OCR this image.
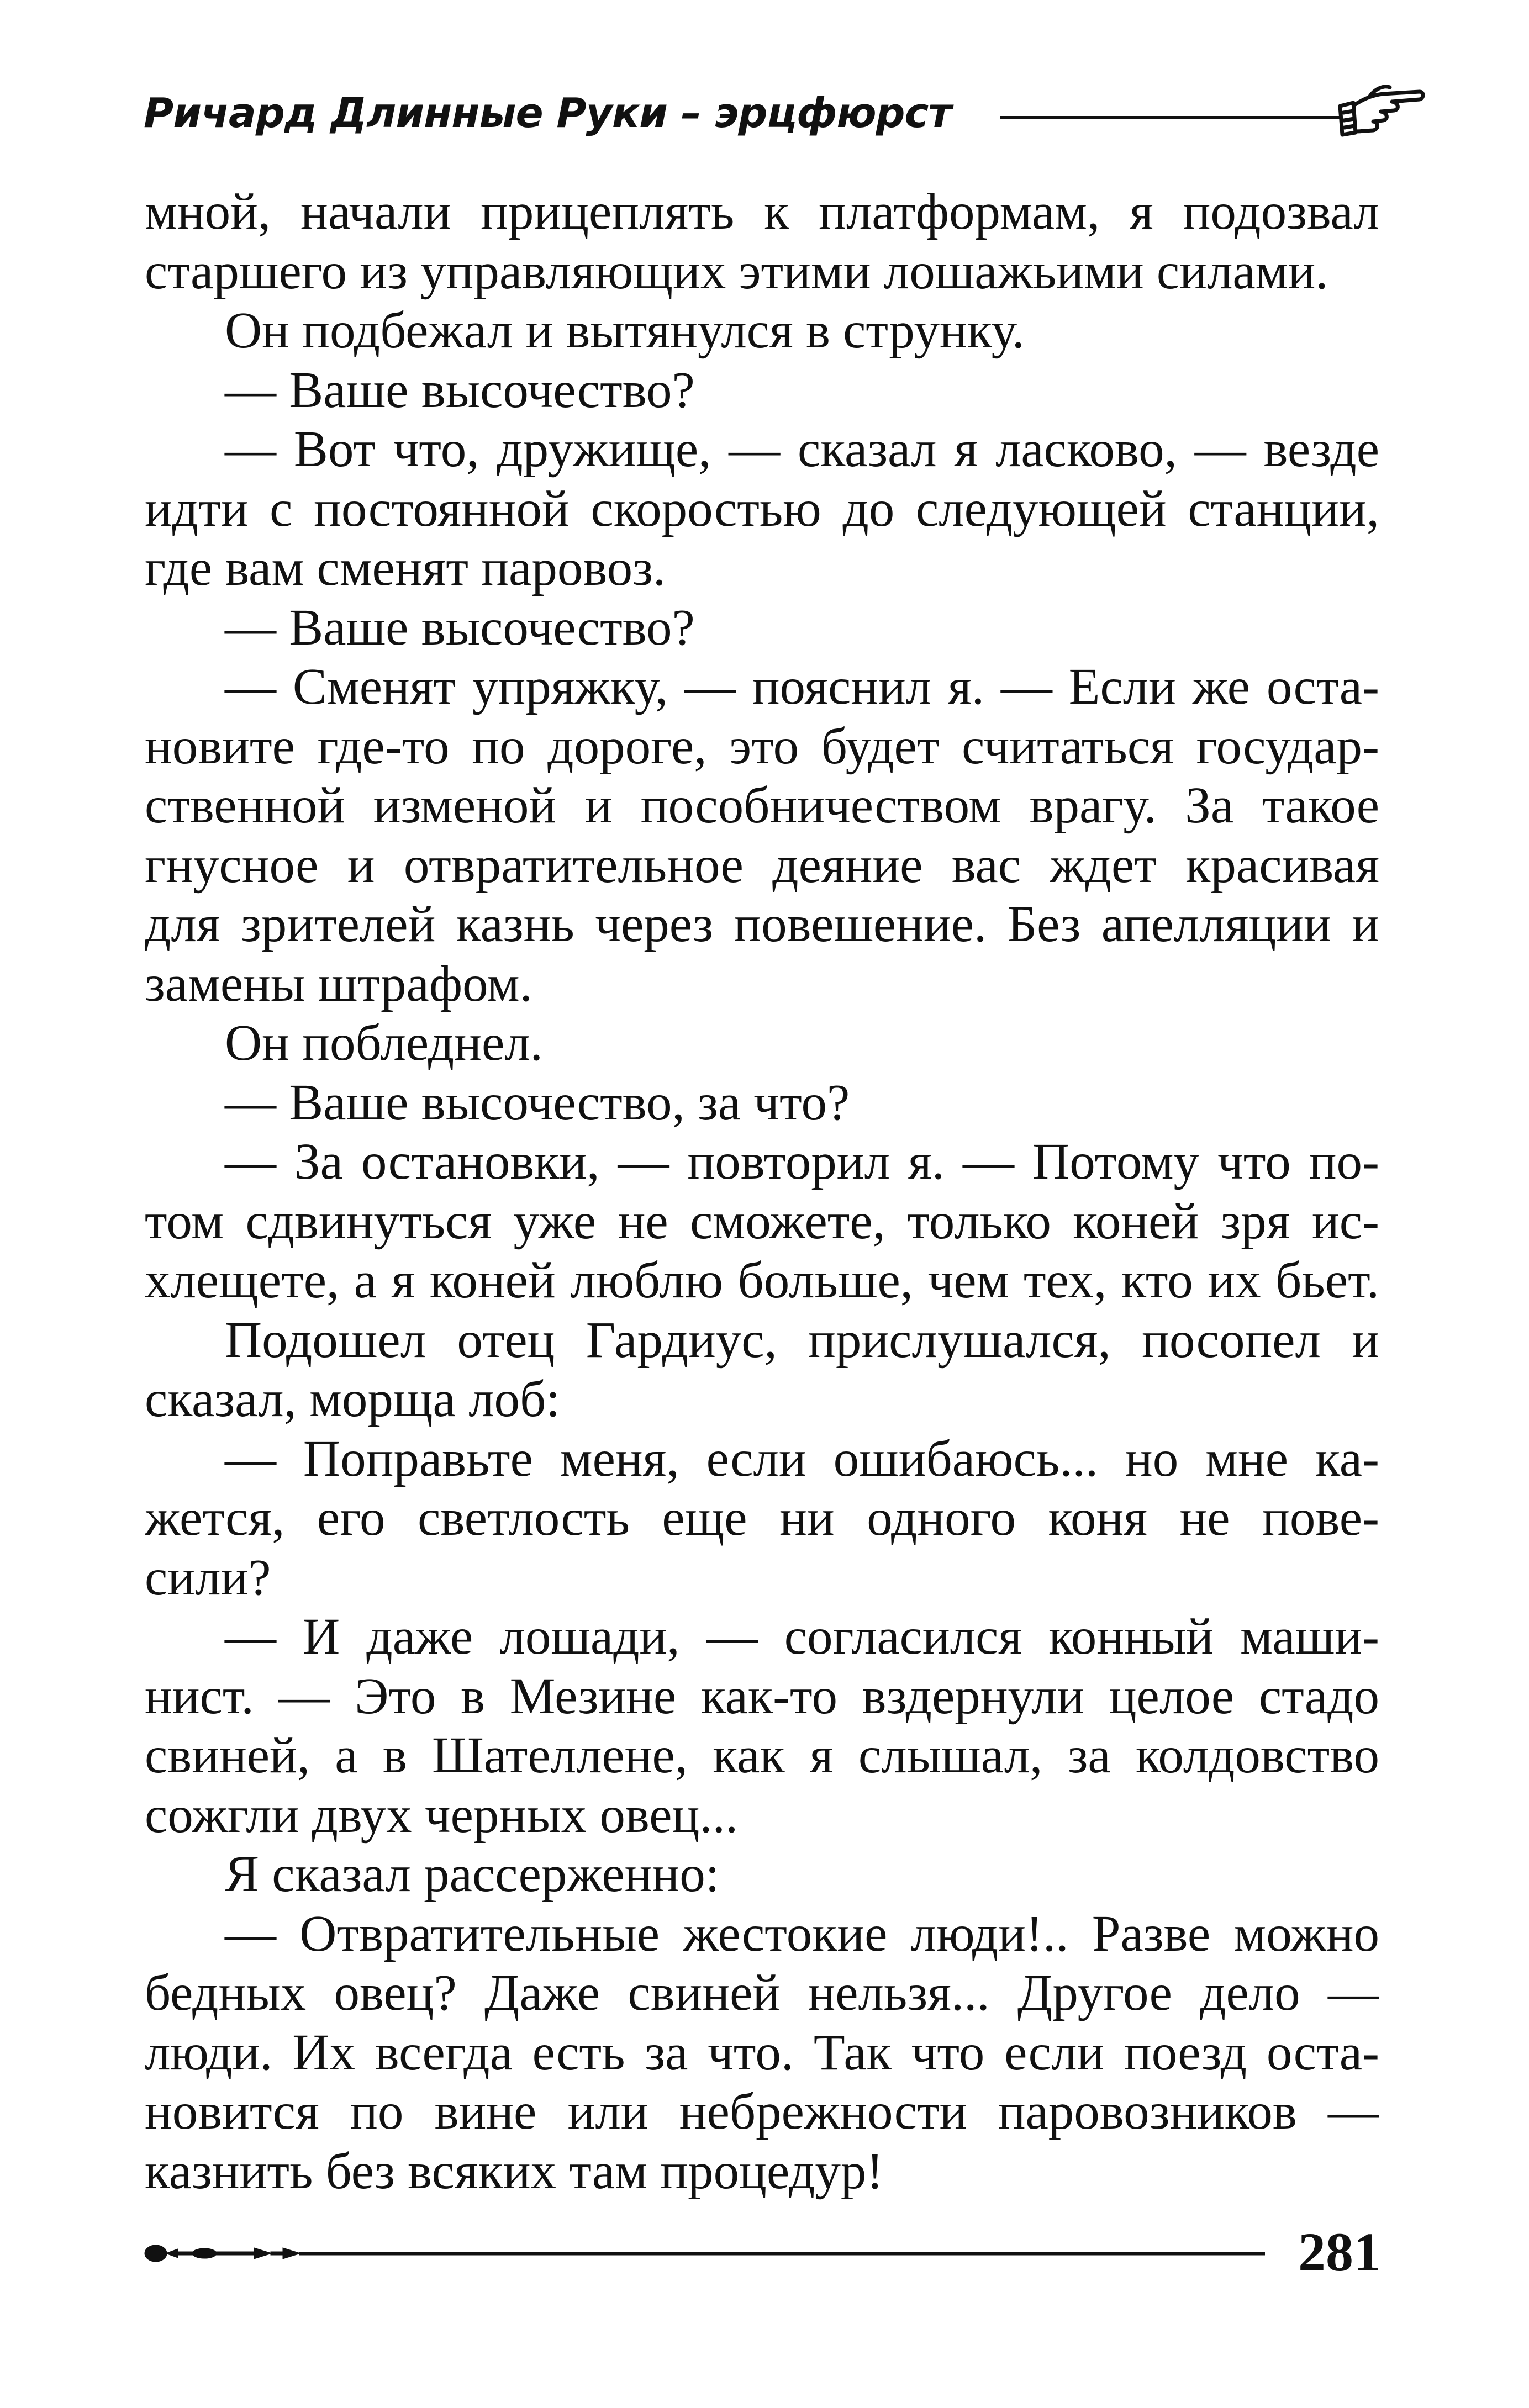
Ричард Длинные Руки – эрцфюрст
мной, начали прицеплять к платформам, я подозвал
старшего из управляющих этими лошажьими силами.
Он подбежал и вытянулся в струнку.
— Ваше высочество?
— Вот что, дружище, — сказал я ласково, — везде
идти с постоянной скоростью до следующей станции,
где вам сменят паровоз.
— Ваше высочество?
— Сменят упряжку, — пояснил я. — Если же оста-
новите где-то по дороге, это будет считаться государ-
ственной изменой и пособничеством врагу. За такое
гнусное и отвратительное деяние вас ждет красивая
для зрителей казнь через повешение. Без апелляции и
замены штрафом.
Он побледнел.
— Ваше высочество, за что?
— За остановки, — повторил я. — Потому что по-
том сдвинуться уже не сможете, только коней зря ис-
хлещете, а я коней люблю больше, чем тех, кто их бьет.
Подошел отец Гардиус, прислушался, посопел и
сказал, морща лоб:
— Поправьте меня, если ошибаюсь... но мне ка-
жется, его светлость еще ни одного коня не пове-
сили?
— И даже лошади, — согласился конный маши-
нист. — Это в Мезине как-то вздернули целое стадо
свиней, а в Шателлене, как я слышал, за колдовство
сожгли двух черных овец...
Я сказал рассерженно:
— Отвратительные жестокие люди!.. Разве можно
бедных овец? Даже свиней нельзя... Другое дело —
люди. Их всегда есть за что. Так что если поезд оста-
новится по вине или небрежности паровозников —
казнить без всяких там процедур!
281
